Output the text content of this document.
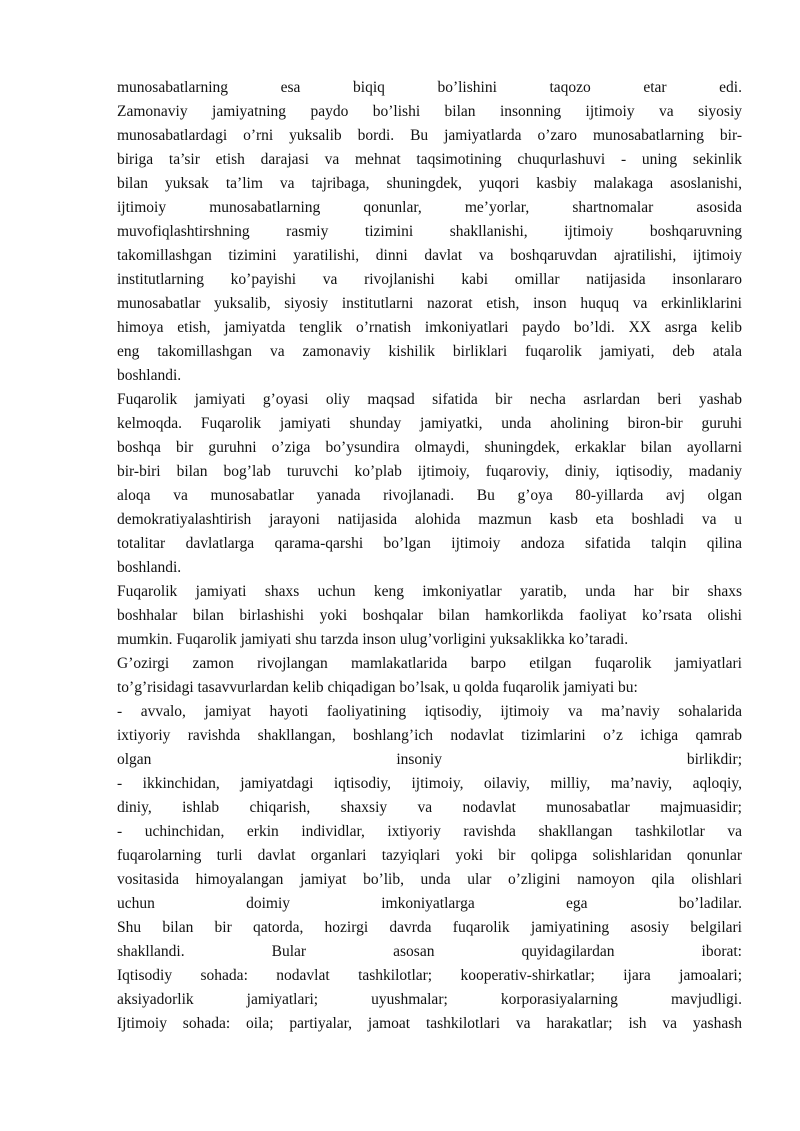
munosabatlarning esa biqiq bo’lishini taqozo etar edi.
Zamonaviy jamiyatning paydo bo’lishi bilan insonning ijtimoiy va siyosiy
munosabatlardagi o’rni yuksalib bordi. Bu jamiyatlarda o’zaro munosabatlarning bir-
biriga ta’sir etish darajasi va mehnat taqsimotining chuqurlashuvi - uning sekinlik
bilan yuksak ta’lim va tajribaga, shuningdek, yuqori kasbiy malakaga asoslanishi,
ijtimoiy munosabatlarning qonunlar, me’yorlar, shartnomalar asosida
muvofiqlashtirshning rasmiy tizimini shakllanishi, ijtimoiy boshqaruvning
takomillashgan tizimini yaratilishi, dinni davlat va boshqaruvdan ajratilishi, ijtimoiy
institutlarning ko’payishi va rivojlanishi kabi omillar natijasida insonlararo
munosabatlar yuksalib, siyosiy institutlarni nazorat etish, inson huquq va erkinliklarini
himoya etish, jamiyatda tenglik o’rnatish imkoniyatlari paydo bo’ldi. XX asrga kelib
eng takomillashgan va zamonaviy kishilik birliklari fuqarolik jamiyati, deb atala
boshlandi.
Fuqarolik jamiyati g’oyasi oliy maqsad sifatida bir necha asrlardan beri yashab
kelmoqda. Fuqarolik jamiyati shunday jamiyatki, unda aholining biron-bir guruhi
boshqa bir guruhni o’ziga bo’ysundira olmaydi, shuningdek, erkaklar bilan ayollarni
bir-biri bilan bog’lab turuvchi ko’plab ijtimoiy, fuqaroviy, diniy, iqtisodiy, madaniy
aloqa va munosabatlar yanada rivojlanadi. Bu g’oya 80-yillarda avj olgan
demokratiyalashtirish jarayoni natijasida alohida mazmun kasb eta boshladi va u
totalitar davlatlarga qarama-qarshi bo’lgan ijtimoiy andoza sifatida talqin qilina
boshlandi.
Fuqarolik jamiyati shaxs uchun keng imkoniyatlar yaratib, unda har bir shaxs
boshhalar bilan birlashishi yoki boshqalar bilan hamkorlikda faoliyat ko’rsata olishi
mumkin. Fuqarolik jamiyati shu tarzda inson ulug’vorligini yuksaklikka ko’taradi.
G’ozirgi zamon rivojlangan mamlakatlarida barpo etilgan fuqarolik jamiyatlari
to’g’risidagi tasavvurlardan kelib chiqadigan bo’lsak, u qolda fuqarolik jamiyati bu:
- avvalo, jamiyat hayoti faoliyatining iqtisodiy, ijtimoiy va ma’naviy sohalarida
ixtiyoriy ravishda shakllangan, boshlang’ich nodavlat tizimlarini o’z ichiga qamrab
olgan insoniy birlikdir;
- ikkinchidan, jamiyatdagi iqtisodiy, ijtimoiy, oilaviy, milliy, ma’naviy, aqloqiy,
diniy, ishlab chiqarish, shaxsiy va nodavlat munosabatlar majmuasidir;
- uchinchidan, erkin individlar, ixtiyoriy ravishda shakllangan tashkilotlar va
fuqarolarning turli davlat organlari tazyiqlari yoki bir qolipga solishlaridan qonunlar
vositasida himoyalangan jamiyat bo’lib, unda ular o’zligini namoyon qila olishlari
uchun doimiy imkoniyatlarga ega bo’ladilar.
Shu bilan bir qatorda, hozirgi davrda fuqarolik jamiyatining asosiy belgilari
shakllandi. Bular asosan quyidagilardan iborat:
Iqtisodiy sohada: nodavlat tashkilotlar; kooperativ-shirkatlar; ijara jamoalari;
aksiyadorlik jamiyatlari; uyushmalar; korporasiyalarning mavjudligi.
Ijtimoiy sohada: oila; partiyalar, jamoat tashkilotlari va harakatlar; ish va yashash
